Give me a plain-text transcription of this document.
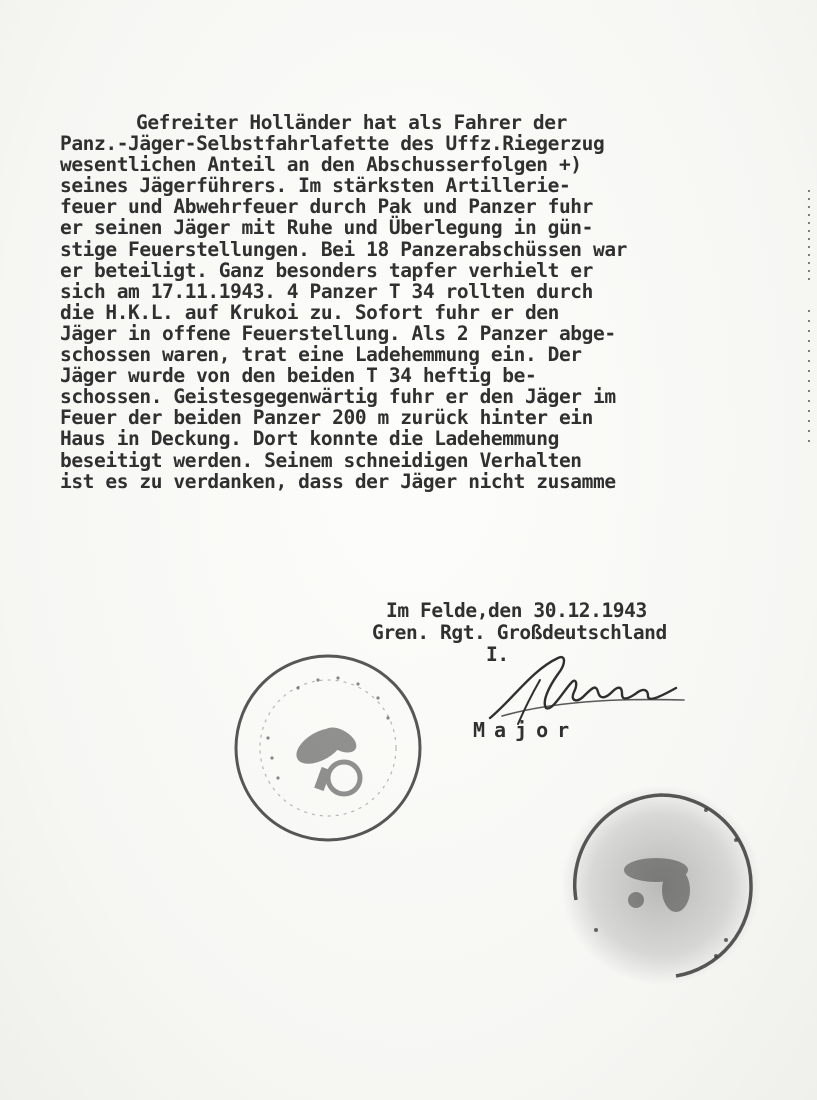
Gefreiter Holländer hat als Fahrer der
Panz.-Jäger-Selbstfahrlafette des Uffz.Riegerzug
wesentlichen Anteil an den Abschusserfolgen +)
seines Jägerführers. Im stärksten Artillerie-
feuer und Abwehrfeuer durch Pak und Panzer fuhr
er seinen Jäger mit Ruhe und Überlegung in gün-
stige Feuerstellungen. Bei 18 Panzerabschüssen war
er beteiligt. Ganz besonders tapfer verhielt er
sich am 17.11.1943. 4 Panzer T 34 rollten durch
die H.K.L. auf Krukoi zu. Sofort fuhr er den
Jäger in offene Feuerstellung. Als 2 Panzer abge-
schossen waren, trat eine Ladehemmung ein. Der
Jäger wurde von den beiden T 34 heftig be-
schossen. Geistesgegenwärtig fuhr er den Jäger im
Feuer der beiden Panzer 200 m zurück hinter ein
Haus in Deckung. Dort konnte die Ladehemmung
beseitigt werden. Seinem schneidigen Verhalten
ist es zu verdanken, dass der Jäger nicht zusamme
Im Felde,den 30.12.1943
Gren. Rgt. Großdeutschland
I.
Major
